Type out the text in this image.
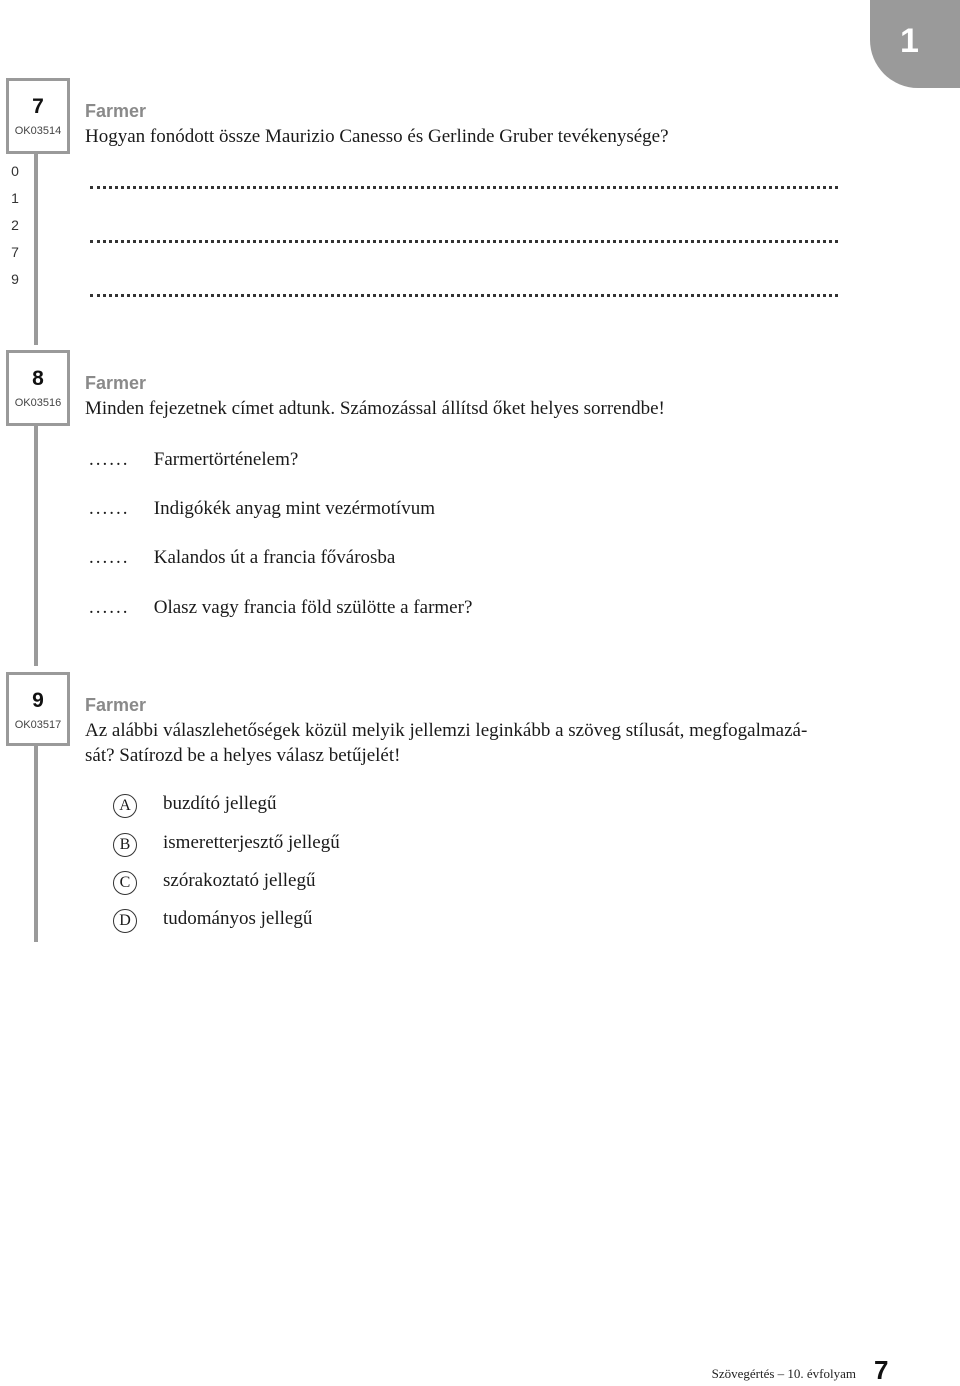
1
7
OK03514
0
1
2
7
9
Farmer
Hogyan fonódott össze Maurizio Canesso és Gerlinde Gruber tevékenysége?
8
OK03516
Farmer
Minden fejezetnek címet adtunk. Számozással állítsd őket helyes sorrendbe!
...... Farmertörténelem?
...... Indigókék anyag mint vezérmotívum
...... Kalandos út a francia fővárosba
...... Olasz vagy francia föld szülötte a farmer?
9
OK03517
Farmer
Az alábbi válaszlehetőségek közül melyik jellemzi leginkább a szöveg stílusát, megfogalmazá-
sát? Satírozd be a helyes válasz betűjelét!
A	buzdító jellegű
B	ismeretterjesztő jellegű
C	szórakoztató jellegű
D	tudományos jellegű
Szövegértés – 10. évfolyam 7
